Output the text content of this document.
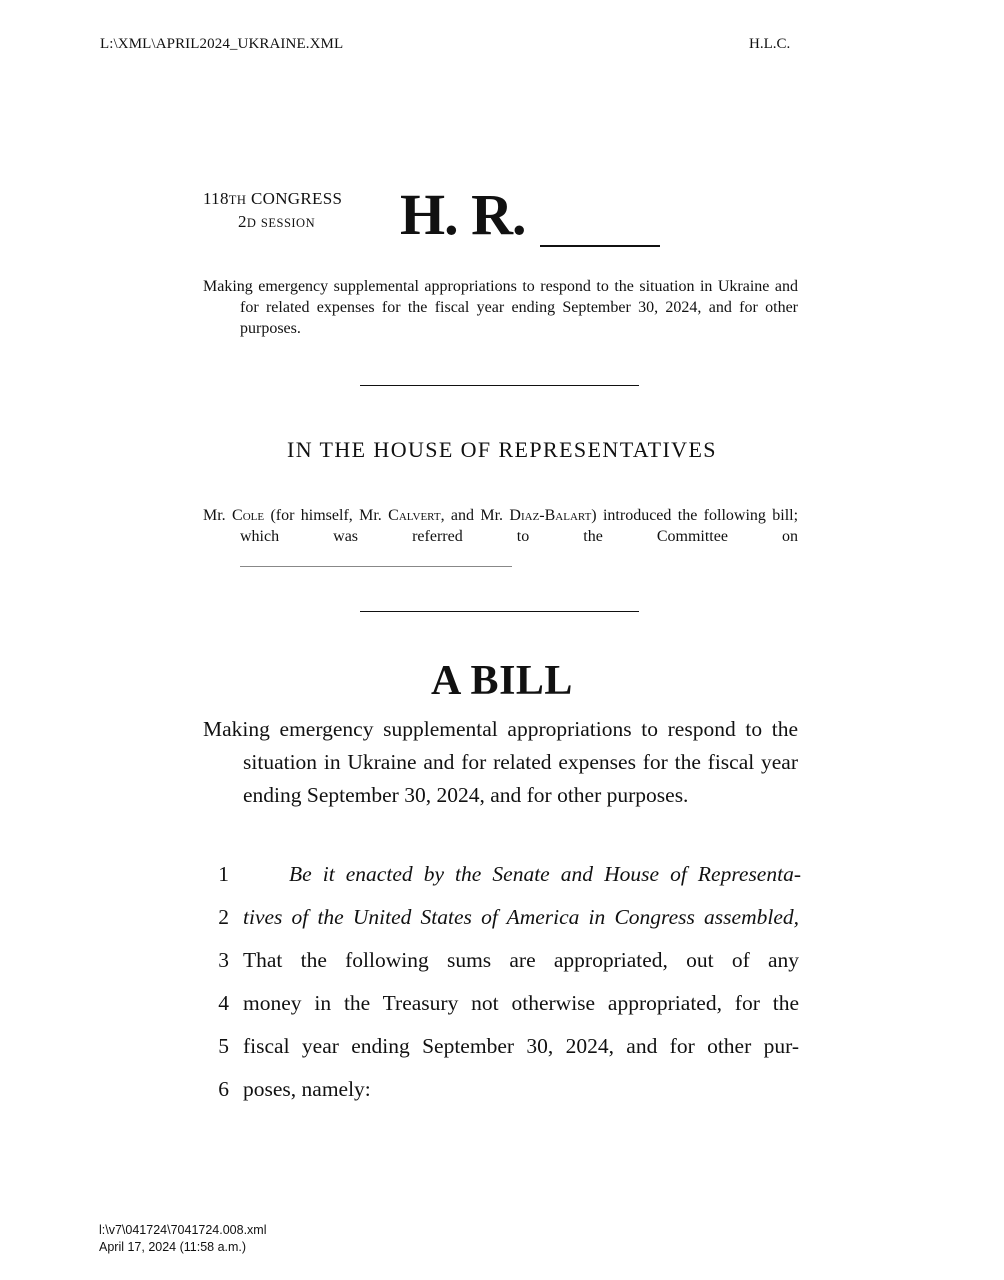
L:\XML\APRIL2024_UKRAINE.XML	H.L.C.
118TH CONGRESS
2D SESSION	H. R.
Making emergency supplemental appropriations to respond to the situation in Ukraine and for related expenses for the fiscal year ending September 30, 2024, and for other purposes.
IN THE HOUSE OF REPRESENTATIVES
Mr. Cole (for himself, Mr. Calvert, and Mr. Diaz-Balart) introduced the following bill; which was referred to the Committee on
A BILL
Making emergency supplemental appropriations to respond to the situation in Ukraine and for related expenses for the fiscal year ending September 30, 2024, and for other purposes.
1	Be it enacted by the Senate and House of Representa-
2 tives of the United States of America in Congress assembled,
3 That the following sums are appropriated, out of any
4 money in the Treasury not otherwise appropriated, for the
5 fiscal year ending September 30, 2024, and for other pur-
6 poses, namely:
l:\v7\041724\7041724.008.xml
April 17, 2024 (11:58 a.m.)
